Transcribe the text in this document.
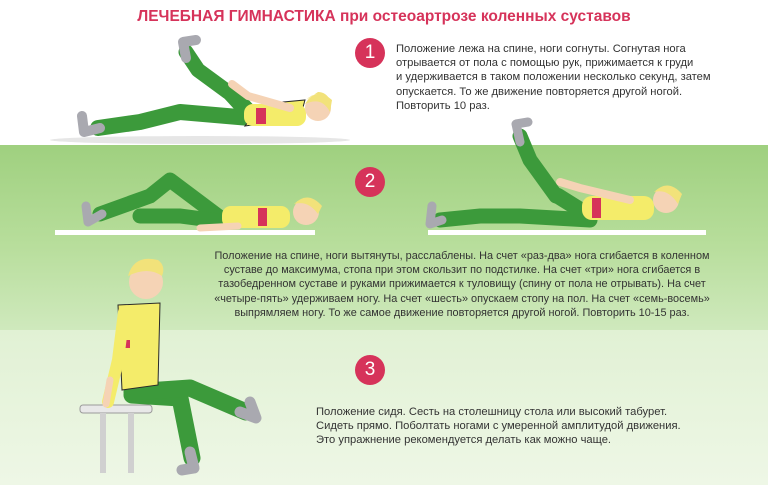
ЛЕЧЕБНАЯ ГИМНАСТИКА при остеоартрозе коленных суставов
1
2
3
Положение лежа на спине, ноги согнуты. Согнутая нога
отрывается от пола с помощью рук, прижимается к груди
и удерживается в таком положении несколько секунд, затем
опускается. То же движение повторяется другой ногой.
Повторить 10 раз.
Положение на спине, ноги вытянуты, расслаблены. На счет «раз-два» нога сгибается в коленном
суставе до максимума, стопа при этом скользит по подстилке. На счет «три» нога сгибается в
тазобедренном суставе и руками прижимается к туловищу (спину от пола не отрывать). На счет
«четыре-пять» удерживаем ногу. На счет «шесть» опускаем стопу на пол. На счет «семь-восемь»
выпрямляем ногу. То же самое движение повторяется другой ногой. Повторить 10-15 раз.
Положение сидя. Сесть на столешницу стола или высокий табурет.
Сидеть прямо. Поболтать ногами с умеренной амплитудой движения.
Это упражнение рекомендуется делать как можно чаще.
